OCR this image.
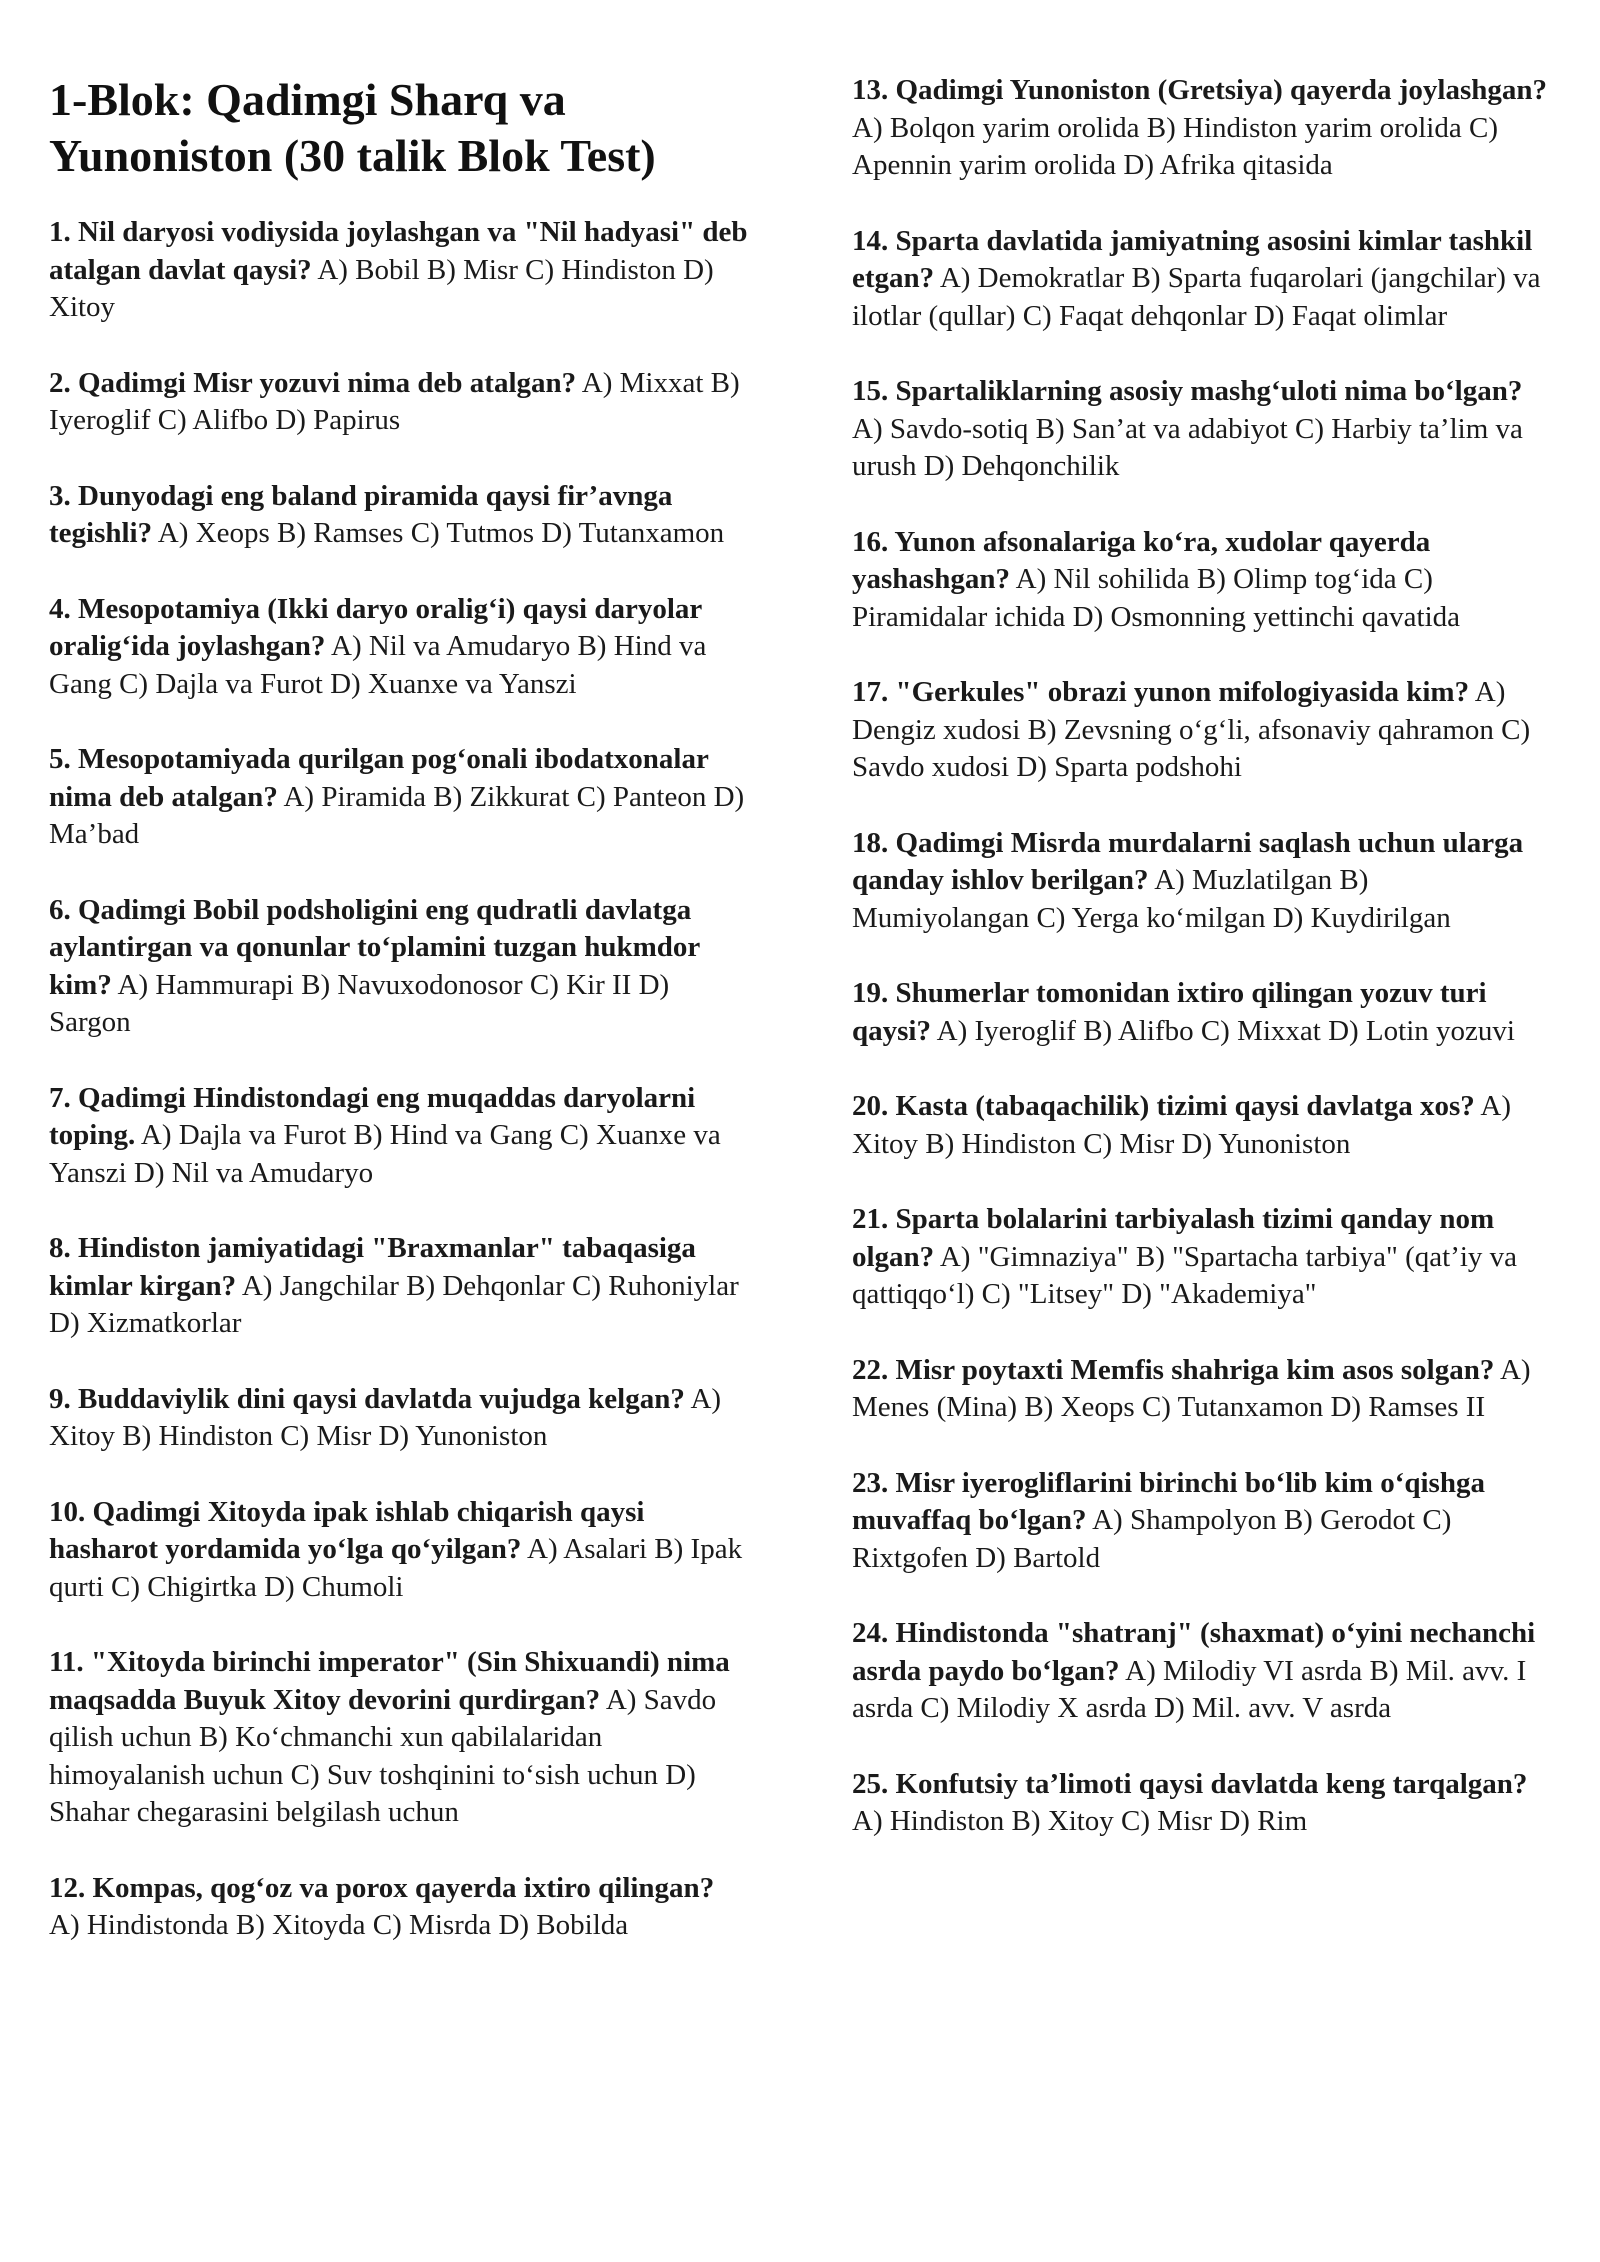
1-Blok: Qadimgi Sharq va Yunoniston (30 talik Blok Test)

1. Nil daryosi vodiysida joylashgan va "Nil hadyasi" deb atalgan davlat qaysi? A) Bobil B) Misr C) Hindiston D) Xitoy

2. Qadimgi Misr yozuvi nima deb atalgan? A) Mixxat B) Iyeroglif C) Alifbo D) Papirus

3. Dunyodagi eng baland piramida qaysi fir’avnga tegishli? A) Xeops B) Ramses C) Tutmos D) Tutanxamon

4. Mesopotamiya (Ikki daryo oralig‘i) qaysi daryolar oralig‘ida joylashgan? A) Nil va Amudaryo B) Hind va Gang C) Dajla va Furot D) Xuanxe va Yanszi

5. Mesopotamiyada qurilgan pog‘onali ibodatxonalar nima deb atalgan? A) Piramida B) Zikkurat C) Panteon D) Ma’bad

6. Qadimgi Bobil podsholigini eng qudratli davlatga aylantirgan va qonunlar to‘plamini tuzgan hukmdor kim? A) Hammurapi B) Navuxodonosor C) Kir II D) Sargon

7. Qadimgi Hindistondagi eng muqaddas daryolarni toping. A) Dajla va Furot B) Hind va Gang C) Xuanxe va Yanszi D) Nil va Amudaryo

8. Hindiston jamiyatidagi "Braxmanlar" tabaqasiga kimlar kirgan? A) Jangchilar B) Dehqonlar C) Ruhoniylar D) Xizmatkorlar

9. Buddaviylik dini qaysi davlatda vujudga kelgan? A) Xitoy B) Hindiston C) Misr D) Yunoniston

10. Qadimgi Xitoyda ipak ishlab chiqarish qaysi hasharot yordamida yo‘lga qo‘yilgan? A) Asalari B) Ipak qurti C) Chigirtka D) Chumoli

11. "Xitoyda birinchi imperator" (Sin Shixuandi) nima maqsadda Buyuk Xitoy devorini qurdirgan? A) Savdo qilish uchun B) Ko‘chmanchi xun qabilalaridan himoyalanish uchun C) Suv toshqinini to‘sish uchun D) Shahar chegarasini belgilash uchun

12. Kompas, qog‘oz va porox qayerda ixtiro qilingan? A) Hindistonda B) Xitoyda C) Misrda D) Bobilda

13. Qadimgi Yunoniston (Gretsiya) qayerda joylashgan? A) Bolqon yarim orolida B) Hindiston yarim orolida C) Apennin yarim orolida D) Afrika qitasida

14. Sparta davlatida jamiyatning asosini kimlar tashkil etgan? A) Demokratlar B) Sparta fuqarolari (jangchilar) va ilotlar (qullar) C) Faqat dehqonlar D) Faqat olimlar

15. Spartaliklarning asosiy mashg‘uloti nima bo‘lgan? A) Savdo-sotiq B) San’at va adabiyot C) Harbiy ta’lim va urush D) Dehqonchilik

16. Yunon afsonalariga ko‘ra, xudolar qayerda yashashgan? A) Nil sohilida B) Olimp tog‘ida C) Piramidalar ichida D) Osmonning yettinchi qavatida

17. "Gerkules" obrazi yunon mifologiyasida kim? A) Dengiz xudosi B) Zevsning o‘g‘li, afsonaviy qahramon C) Savdo xudosi D) Sparta podshohi

18. Qadimgi Misrda murdalarni saqlash uchun ularga qanday ishlov berilgan? A) Muzlatilgan B) Mumiyolangan C) Yerga ko‘milgan D) Kuydirilgan

19. Shumerlar tomonidan ixtiro qilingan yozuv turi qaysi? A) Iyeroglif B) Alifbo C) Mixxat D) Lotin yozuvi

20. Kasta (tabaqachilik) tizimi qaysi davlatga xos? A) Xitoy B) Hindiston C) Misr D) Yunoniston

21. Sparta bolalarini tarbiyalash tizimi qanday nom olgan? A) "Gimnaziya" B) "Spartacha tarbiya" (qat’iy va qattiqqo‘l) C) "Litsey" D) "Akademiya"

22. Misr poytaxti Memfis shahriga kim asos solgan? A) Menes (Mina) B) Xeops C) Tutanxamon D) Ramses II

23. Misr iyerogliflarini birinchi bo‘lib kim o‘qishga muvaffaq bo‘lgan? A) Shampolyon B) Gerodot C) Rixtgofen D) Bartold

24. Hindistonda "shatranj" (shaxmat) o‘yini nechanchi asrda paydo bo‘lgan? A) Milodiy VI asrda B) Mil. avv. I asrda C) Milodiy X asrda D) Mil. avv. V asrda

25. Konfutsiy ta’limoti qaysi davlatda keng tarqalgan? A) Hindiston B) Xitoy C) Misr D) Rim
